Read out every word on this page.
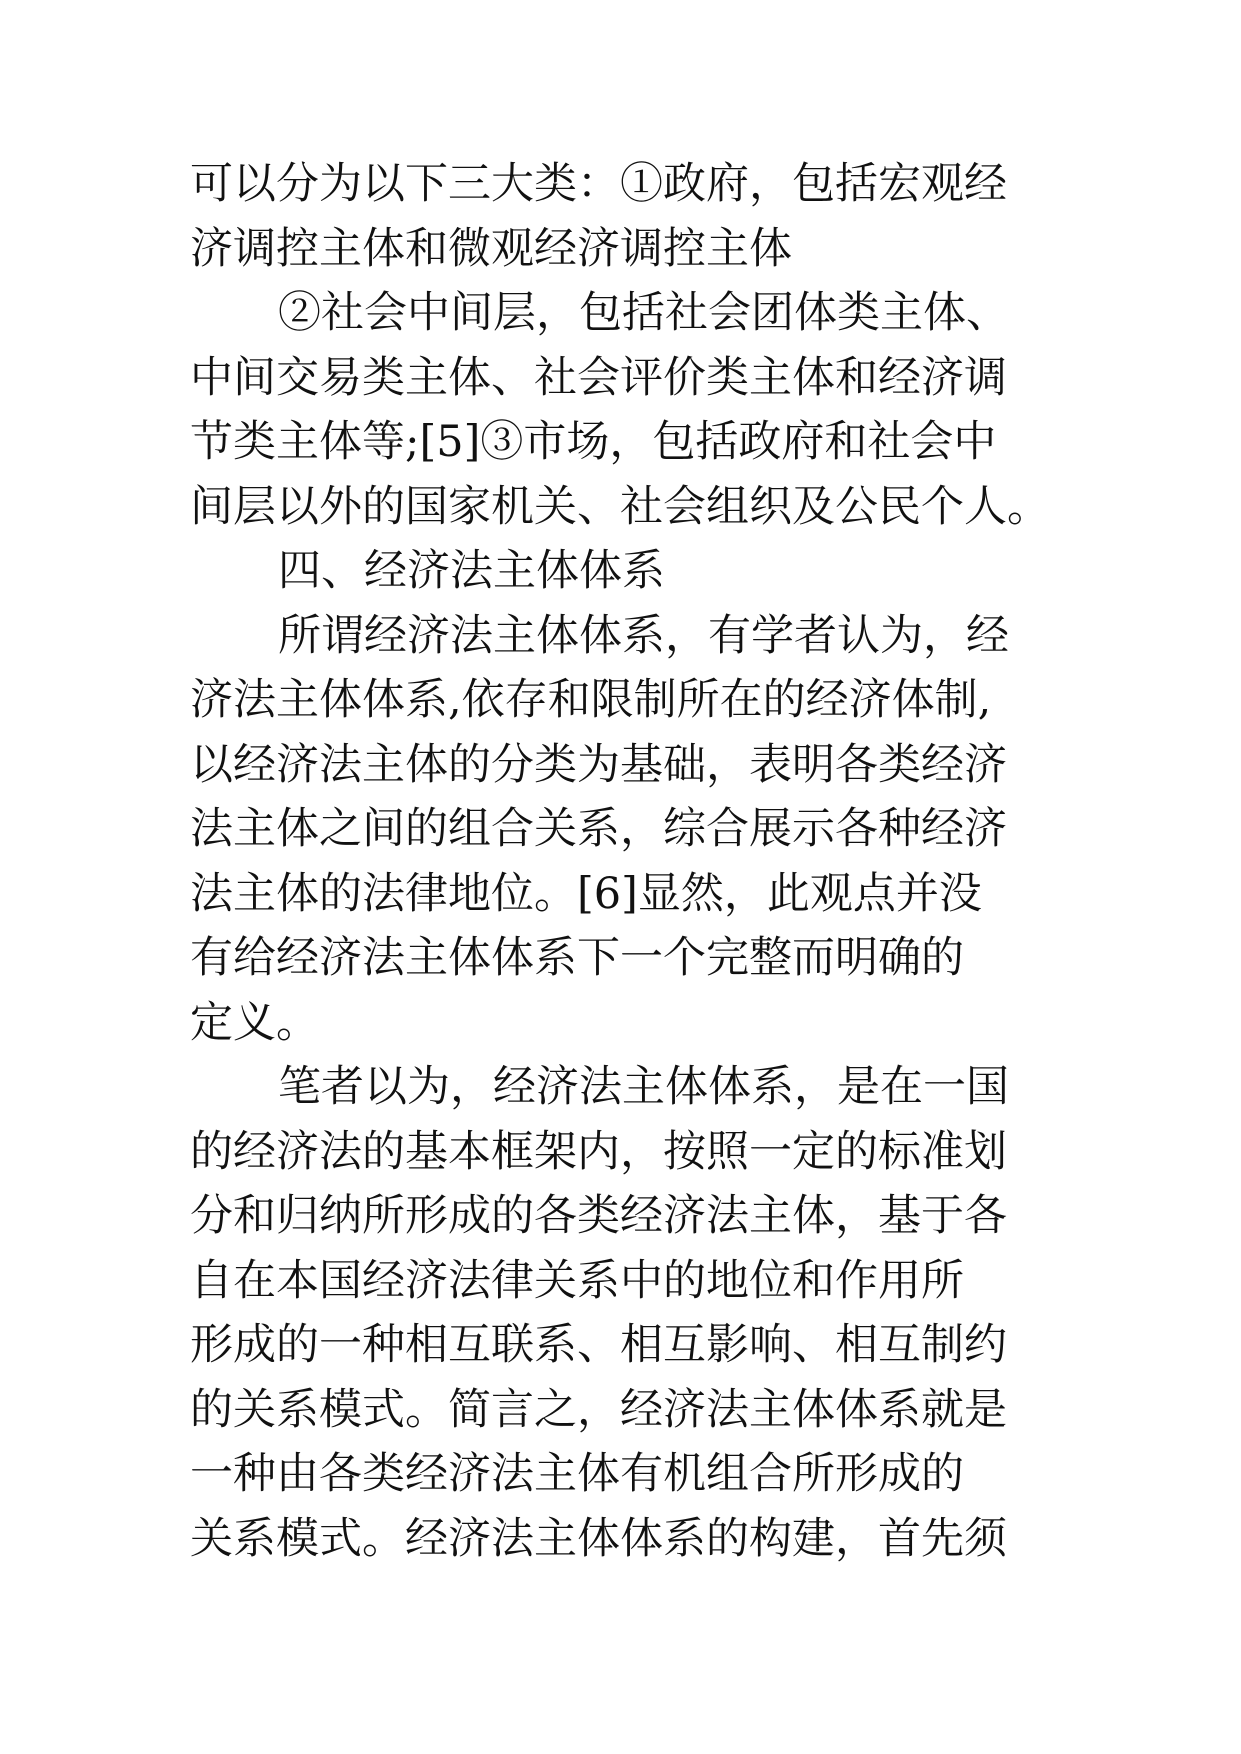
可以分为以下三大类：①政府，包括宏观经
济调控主体和微观经济调控主体
②社会中间层，包括社会团体类主体、
中间交易类主体、社会评价类主体和经济调
节类主体等;[5]③市场，包括政府和社会中
间层以外的国家机关、社会组织及公民个人。
四、经济法主体体系
所谓经济法主体体系，有学者认为，经
济法主体体系,依存和限制所在的经济体制,
以经济法主体的分类为基础，表明各类经济
法主体之间的组合关系，综合展示各种经济
法主体的法律地位。[6]显然，此观点并没
有给经济法主体体系下一个完整而明确的
定义。
笔者以为，经济法主体体系，是在一国
的经济法的基本框架内，按照一定的标准划
分和归纳所形成的各类经济法主体，基于各
自在本国经济法律关系中的地位和作用所
形成的一种相互联系、相互影响、相互制约
的关系模式。简言之，经济法主体体系就是
一种由各类经济法主体有机组合所形成的
关系模式。经济法主体体系的构建，首先须
